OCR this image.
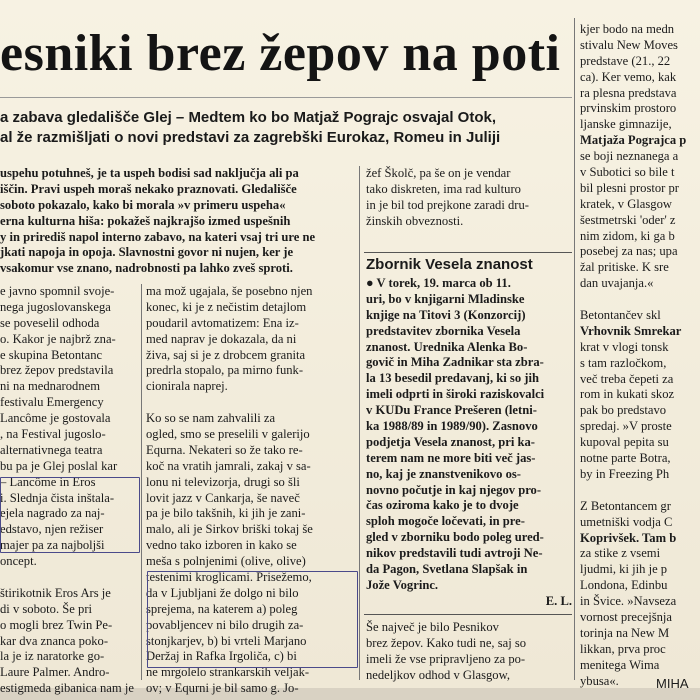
esniki brez žepov na poti
a zabava gledališče Glej – Medtem ko bo Matjaž Pograjc osvajal Otok,
al že razmišljati o novi predstavi za zagrebški Eurokaz, Romeu in Juliji
uspehu potuhneš, je ta uspeh bodisi sad naključja ali pa
iščin. Pravi uspeh moraš nekako praznovati. Gledališče
soboto pokazalo, kako bi morala »v primeru uspeha«
erna kulturna hiša: pokažeš najkrajšo izmed uspešnih
y in prirediš napol interno zabavo, na kateri vsaj tri ure ne
jkati napoja in opoja. Slavnostni govor ni nujen, ker je
vsakomur vse znano, nadrobnosti pa lahko zveš sproti.
e javno spomnil svoje-
nega jugoslovanskega
se poveselil odhoda
o. Kakor je najbrž zna-
e skupina Betontanc
brez žepov predstavila
ni na mednarodnem
festivalu Emergency
Lancôme je gostovala
, na Festival jugoslo-
alternativnega teatra
bu pa je Glej poslal kar
– Lancôme in Eros
i. Slednja čista inštala-
ejela nagrado za naj-
edstavo, njen režiser
majer pa za najboljši
oncept.
štirikotnik Eros Ars je
di v soboto. Še pri
o mogli brez Twin Pe-
kar dva znanca poko-
la je iz naratorke go-
Laure Palmer. Andro-
estigmeda gibanica nam je
ma mož ugajala, še posebno njen
konec, ki je z nečistim detajlom
poudaril avtomatizem: Ena iz-
med naprav je dokazala, da ni
živa, saj si je z drobcem granita
predrla stopalo, pa mirno funk-
cionirala naprej.
Ko so se nam zahvalili za
ogled, smo se preselili v galerijo
Equrna. Nekateri so že tako re-
koč na vratih jamrali, zakaj v sa-
lonu ni televizorja, drugi so šli
lovit jazz v Cankarja, še naveč
pa je bilo takšnih, ki jih je zani-
malo, ali je Sirkov briški tokaj še
vedno tako izboren in kako se
meša s polnjenimi (olive, olive)
testenimi kroglicami. Prisežemo,
da v Ljubljani že dolgo ni bilo
sprejema, na katerem a) poleg
povabljencev ni bilo drugih za-
stonjkarjev, b) bi vrteli Marjano
Deržaj in Rafka Irgoliča, c) bi
ne mrgolelo strankarskih veljak-
ov; v Equrni je bil samo g. Jo-
žef Školč, pa še on je vendar
tako diskreten, ima rad kulturo
in je bil tod prejkone zaradi dru-
žinskih obveznosti.
Zbornik Vesela znanost
● V torek, 19. marca ob 11.
uri, bo v knjigarni Mladinske
knjige na Titovi 3 (Konzorcij)
predstavitev zbornika Vesela
znanost. Urednika Alenka Bo-
govič in Miha Zadnikar sta zbra-
la 13 besedil predavanj, ki so jih
imeli odprti in široki raziskovalci
v KUDu France Prešeren (letni-
ka 1988/89 in 1989/90). Zasnovo
podjetja Vesela znanost, pri ka-
terem nam ne more biti več jas-
no, kaj je znanstvenikovo os-
novno počutje in kaj njegov pro-
čas oziroma kako je to dvoje
sploh mogoče ločevati, in pre-
gled v zborniku bodo poleg ured-
nikov predstavili tudi avtroji Ne-
da Pagon, Svetlana Slapšak in
Jože Vogrinc.
E. L.
Še največ je bilo Pesnikov
brez žepov. Kako tudi ne, saj so
imeli že vse pripravljeno za po-
nedeljkov odhod v Glasgow,
kjer bodo na medn
stivalu New Moves
predstave (21., 22
ca). Ker vemo, kak
ra plesna predstava
prvinskim prostoro
ljanske gimnazije,
Matjaža Pograjca p
se boji neznanega a
v Subotici so bile t
bil plesni prostor pr
kratek, v Glasgow
šestmetrski 'oder' z
nim zidom, ki ga b
posebej za nas; upa
žal pritiske. K sre
dan uvajanja.«
Betontančev skl
Vrhovnik Smrekar
krat v vlogi tonsk
s tam razločkom,
več treba čepeti za
rom in kukati skoz
pak bo predstavo
spredaj. »V proste
kupoval pepita su
notne parte Botra,
by in Freezing Ph
Z Betontancem gr
umetniški vodja C
Koprivšek. Tam b
za stike z vsemi
ljudmi, ki jih je p
Londona, Edinbu
in Švice. »Navseza
vornost precejšnja
torinja na New M
likkan, prva proc
menitega Wima
ybusa«.	MIHA
